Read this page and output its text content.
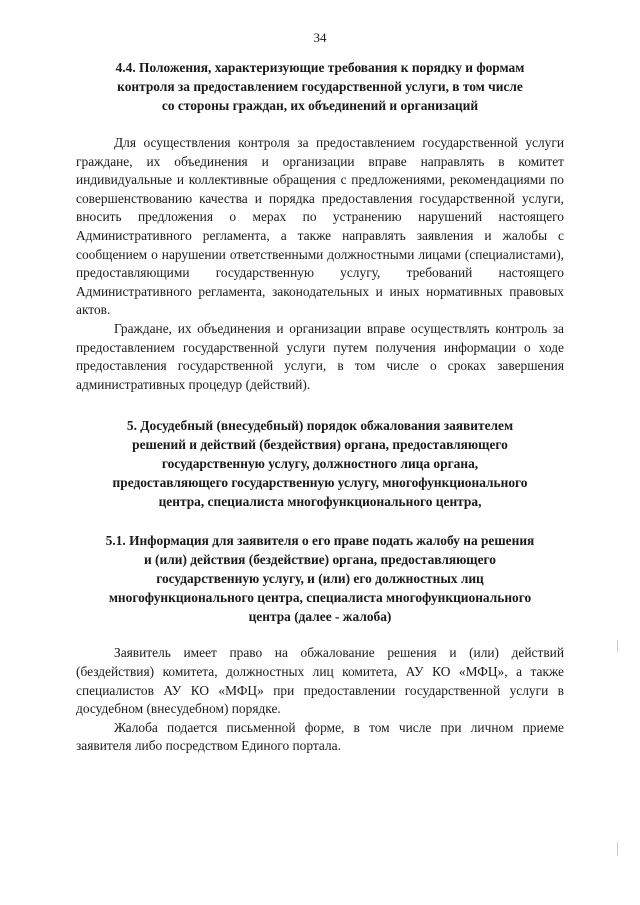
34
4.4. Положения, характеризующие требования к порядку и формам
контроля за предоставлением государственной услуги, в том числе
со стороны граждан, их объединений и организаций

Для осуществления контроля за предоставлением государственной услуги граждане, их объединения и организации вправе направлять в комитет индивидуальные и коллективные обращения с предложениями, рекомендациями по совершенствованию качества и порядка предоставления государственной услуги, вносить предложения о мерах по устранению нарушений настоящего Административного регламента, а также направлять заявления и жалобы с сообщением о нарушении ответственными должностными лицами (специалистами), предоставляющими государственную услугу, требований настоящего Административного регламента, законодательных и иных нормативных правовых актов.

Граждане, их объединения и организации вправе осуществлять контроль за предоставлением государственной услуги путем получения информации о ходе предоставления государственной услуги, в том числе о сроках завершения административных процедур (действий).

5. Досудебный (внесудебный) порядок обжалования заявителем
решений и действий (бездействия) органа, предоставляющего
государственную услугу, должностного лица органа,
предоставляющего государственную услугу, многофункционального
центра, специалиста многофункционального центра,
5.1. Информация для заявителя о его праве подать жалобу на решения
и (или) действия (бездействие) органа, предоставляющего
государственную услугу, и (или) его должностных лиц
многофункционального центра, специалиста многофункционального
центра (далее - жалоба)

Заявитель имеет право на обжалование решения и (или) действий (бездействия) комитета, должностных лиц комитета, АУ КО «МФЦ», а также специалистов АУ КО «МФЦ» при предоставлении государственной услуги в досудебном (внесудебном) порядке.

Жалоба подается письменной форме, в том числе при личном приеме заявителя либо посредством Единого портала.
